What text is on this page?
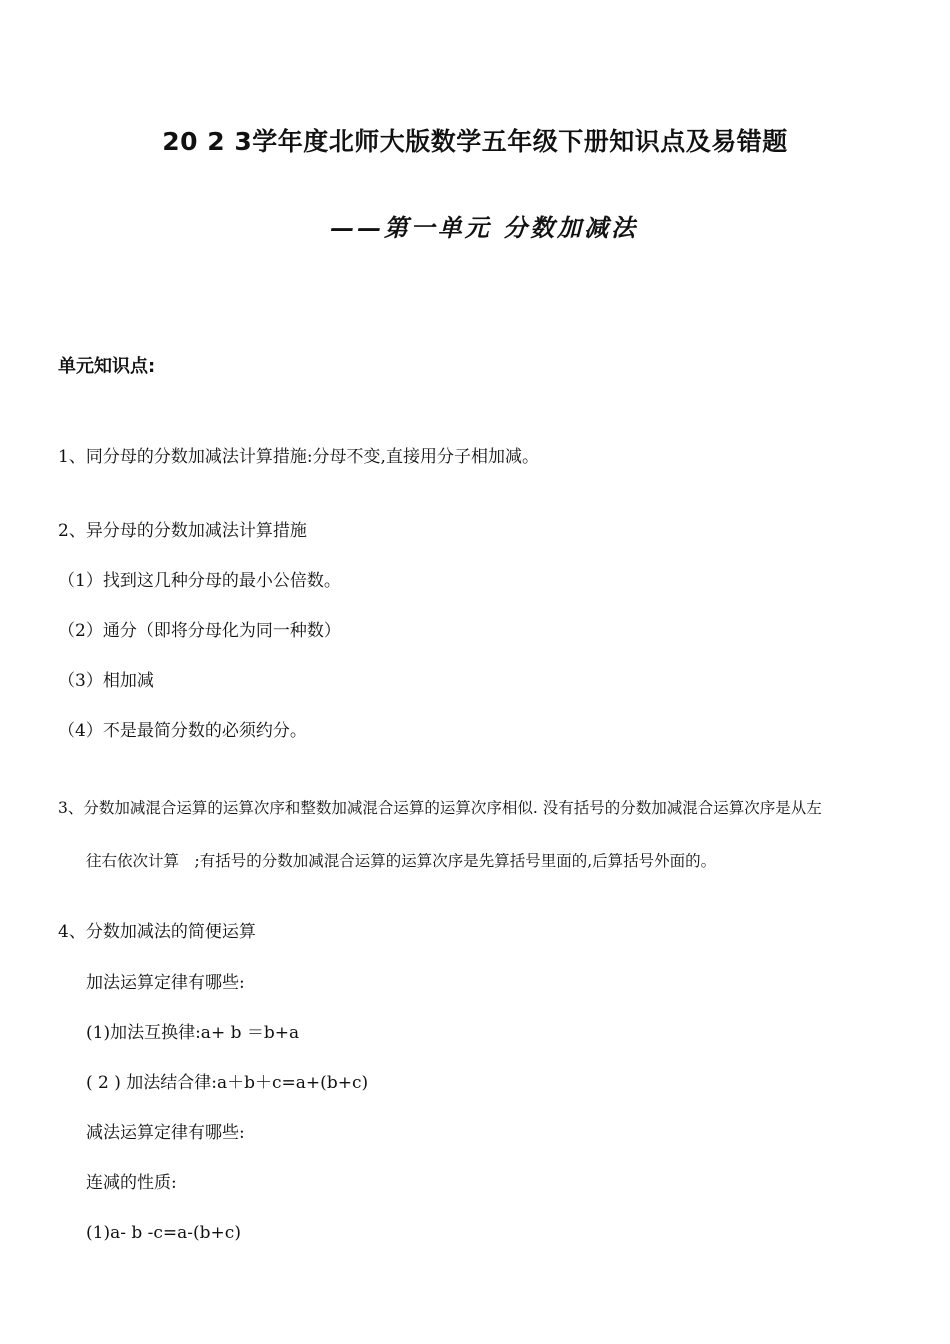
20 2 3学年度北师大版数学五年级下册知识点及易错题
——第一单元 分数加减法
单元知识点:
1、同分母的分数加减法计算措施:分母不变,直接用分子相加减。
2、异分母的分数加减法计算措施
（1）找到这几种分母的最小公倍数。
（2）通分（即将分母化为同一种数）
（3）相加减
（4）不是最简分数的必须约分。
3、分数加减混合运算的运算次序和整数加减混合运算的运算次序相似. 没有括号的分数加减混合运算次序是从左
往右依次计算　;有括号的分数加减混合运算的运算次序是先算括号里面的,后算括号外面的。
4、分数加减法的简便运算
加法运算定律有哪些:
(1)加法互换律:a+ b ＝b+a
( 2 ) 加法结合律:a＋b＋c=a+(b+c)
减法运算定律有哪些:
连减的性质:
(1)a- b -c=a-(b+c)
